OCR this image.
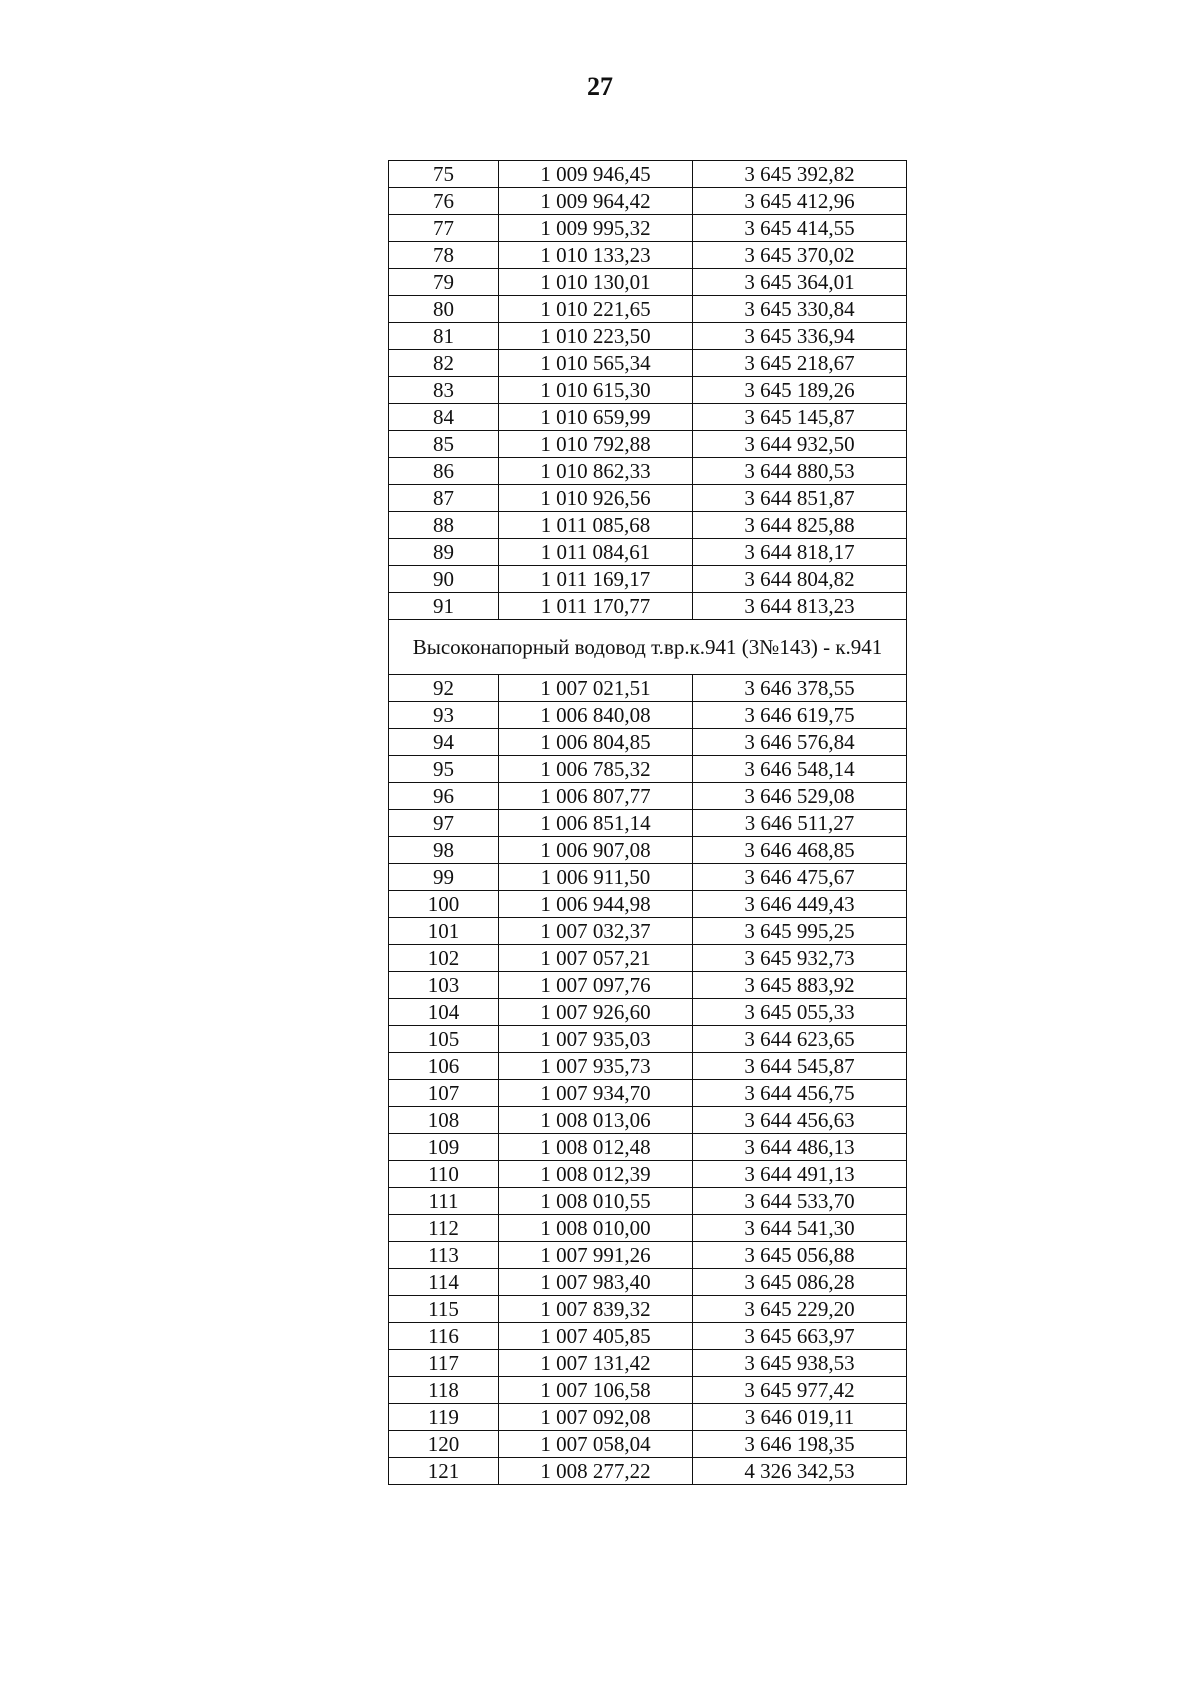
27
75	1 009 946,45	3 645 392,82
76	1 009 964,42	3 645 412,96
77	1 009 995,32	3 645 414,55
78	1 010 133,23	3 645 370,02
79	1 010 130,01	3 645 364,01
80	1 010 221,65	3 645 330,84
81	1 010 223,50	3 645 336,94
82	1 010 565,34	3 645 218,67
83	1 010 615,30	3 645 189,26
84	1 010 659,99	3 645 145,87
85	1 010 792,88	3 644 932,50
86	1 010 862,33	3 644 880,53
87	1 010 926,56	3 644 851,87
88	1 011 085,68	3 644 825,88
89	1 011 084,61	3 644 818,17
90	1 011 169,17	3 644 804,82
91	1 011 170,77	3 644 813,23
Высоконапорный водовод т.вр.к.941 (3№143) - к.941		
92	1 007 021,51	3 646 378,55
93	1 006 840,08	3 646 619,75
94	1 006 804,85	3 646 576,84
95	1 006 785,32	3 646 548,14
96	1 006 807,77	3 646 529,08
97	1 006 851,14	3 646 511,27
98	1 006 907,08	3 646 468,85
99	1 006 911,50	3 646 475,67
100	1 006 944,98	3 646 449,43
101	1 007 032,37	3 645 995,25
102	1 007 057,21	3 645 932,73
103	1 007 097,76	3 645 883,92
104	1 007 926,60	3 645 055,33
105	1 007 935,03	3 644 623,65
106	1 007 935,73	3 644 545,87
107	1 007 934,70	3 644 456,75
108	1 008 013,06	3 644 456,63
109	1 008 012,48	3 644 486,13
110	1 008 012,39	3 644 491,13
111	1 008 010,55	3 644 533,70
112	1 008 010,00	3 644 541,30
113	1 007 991,26	3 645 056,88
114	1 007 983,40	3 645 086,28
115	1 007 839,32	3 645 229,20
116	1 007 405,85	3 645 663,97
117	1 007 131,42	3 645 938,53
118	1 007 106,58	3 645 977,42
119	1 007 092,08	3 646 019,11
120	1 007 058,04	3 646 198,35
121	1 008 277,22	4 326 342,53
